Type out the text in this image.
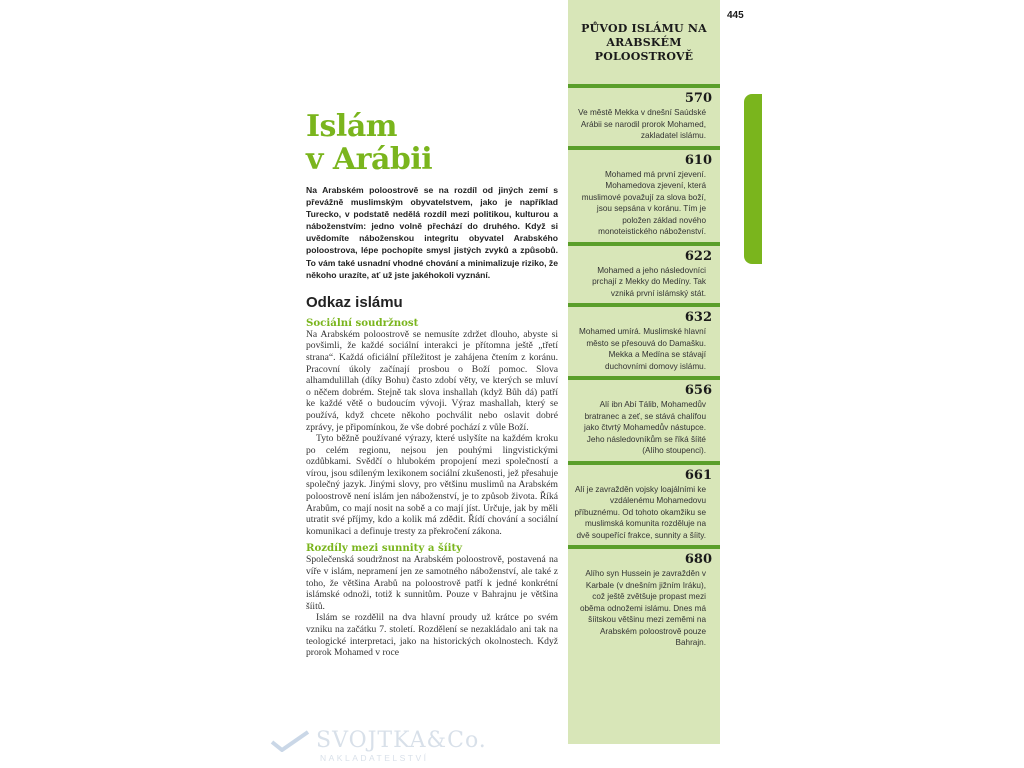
445
Islám
v Arábii
Na Arabském poloostrově se na rozdíl od jiných zemí s převážně muslimským obyvatelstvem, jako je například Turecko, v podstatě nedělá rozdíl mezi politikou, kulturou a náboženstvím: jedno volně přechází do druhého. Když si uvědomíte náboženskou integritu obyvatel Arabského poloostrova, lépe pochopíte smysl jistých zvyků a způsobů. To vám také usnadní vhodné chování a minimalizuje riziko, že někoho urazíte, ať už jste jakéhokoli vyznání.
Odkaz islámu
Sociální soudržnost

Na Arabském poloostrově se nemusíte zdržet dlouho, abyste si povšimli, že každé sociální interakci je přítomna ještě „třetí strana“. Každá oficiální příležitost je zahájena čtením z koránu. Pracovní úkoly začínají prosbou o Boží pomoc. Slova alhamdulillah (díky Bohu) často zdobí věty, ve kterých se mluví o něčem dobrém. Stejně tak slova inshallah (když Bůh dá) patří ke každé větě o budoucím vývoji. Výraz mashallah, který se používá, když chcete někoho pochválit nebo oslavit dobré zprávy, je připomínkou, že vše dobré pochází z vůle Boží.

Tyto běžně používané výrazy, které uslyšíte na každém kroku po celém regionu, nejsou jen pouhými lingvistickými ozdůbkami. Svědčí o hlubokém propojení mezi společností a vírou, jsou sdíleným lexikonem sociální zkušenosti, jež přesahuje společný jazyk. Jinými slovy, pro většinu muslimů na Arabském poloostrově není islám jen náboženství, je to způsob života. Říká Arabům, co mají nosit na sobě a co mají jíst. Určuje, jak by měli utratit své příjmy, kdo a kolik má zdědit. Řídí chování a sociální komunikaci a definuje tresty za překročení zákona.

Rozdíly mezi sunnity a šíity

Společenská soudržnost na Arabském poloostrově, postavená na víře v islám, nepramení jen ze samotného náboženství, ale také z toho, že většina Arabů na poloostrově patří k jedné konkrétní islámské odnoži, totiž k sunnitům. Pouze v Bahrajnu je většina šíitů.

Islám se rozdělil na dva hlavní proudy už krátce po svém vzniku na začátku 7. století. Rozdělení se nezakládalo ani tak na teologické interpretaci, jako na historických okolnostech. Když prorok Mohamed v roce

PŮVOD ISLÁMU NA ARABSKÉM POLOOSTROVĚ
570
Ve městě Mekka v dnešní Saúdské Arábii se narodil prorok Mohamed, zakladatel islámu.
610
Mohamed má první zjevení. Mohamedova zjevení, která muslimové považují za slova boží, jsou sepsána v koránu. Tím je položen základ nového monoteistického náboženství.
622
Mohamed a jeho následovníci prchají z Mekky do Medíny. Tak vzniká první islámský stát.
632
Mohamed umírá. Muslimské hlavní město se přesouvá do Damašku. Mekka a Medína se stávají duchovními domovy islámu.
656
Alí ibn Abí Tálib, Mohamedův bratranec a zeť, se stává chalífou jako čtvrtý Mohamedův nástupce. Jeho následovníkům se říká šíité (Alího stoupenci).
661
Alí je zavražděn vojsky loajálními ke vzdálenému Mohamedovu příbuznému. Od tohoto okamžiku se muslimská komunita rozděluje na dvě soupeřící frakce, sunnity a šíity.
680
Alího syn Hussein je zavražděn v Karbale (v dnešním jižním Iráku), což ještě zvětšuje propast mezi oběma odnožemi islámu. Dnes má šíitskou většinu mezi zeměmi na Arabském poloostrově pouze Bahrajn.
SVOJTKA&Co.
NAKLADATELSTVÍ
